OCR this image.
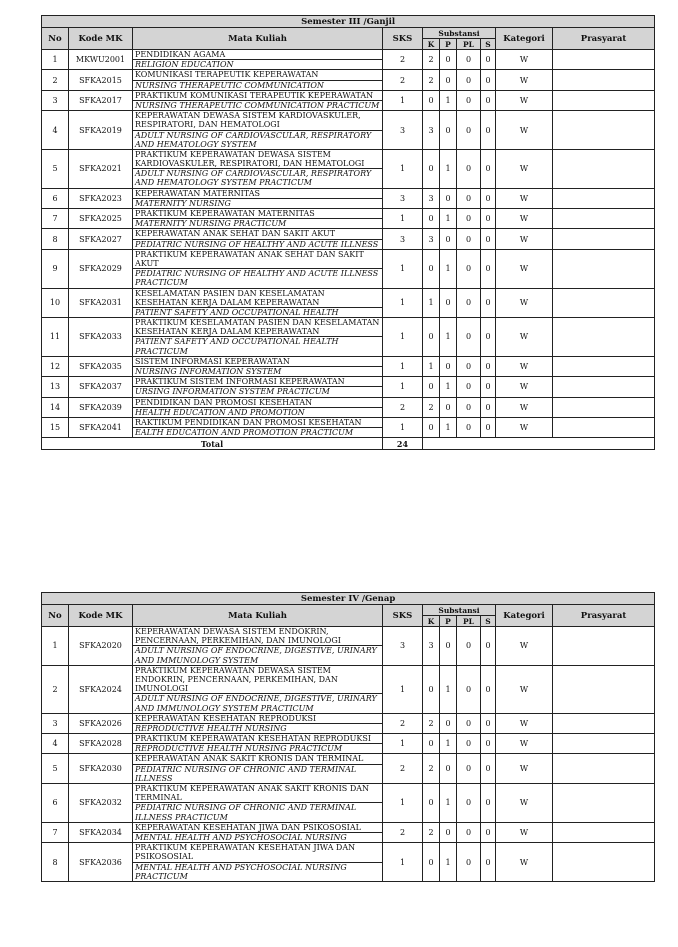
Semester III /Ganjil									
No	Kode MK	Mata Kuliah	SKS	Substansi				Kategori	Prasyarat
				K	P	PL	S		
1	MKWU2001	PENDIDIKAN AGAMA	2	2	0	0	0	W	
		RELIGION EDUCATION							
2	SFKA2015	KOMUNIKASI TERAPEUTIK KEPERAWATAN	2	2	0	0	0	W	
		NURSING THERAPEUTIC COMMUNICATION							
3	SFKA2017	PRAKTIKUM KOMUNIKASI TERAPEUTIK KEPERAWATAN	1	0	1	0	0	W	
		NURSING THERAPEUTIC COMMUNICATION PRACTICUM							
4	SFKA2019	KEPERAWATAN DEWASA SISTEM KARDIOVASKULER, RESPIRATORI, DAN HEMATOLOGI	3	3	0	0	0	W	
		ADULT NURSING OF CARDIOVASCULAR, RESPIRATORY AND HEMATOLOGY SYSTEM							
5	SFKA2021	PRAKTIKUM KEPERAWATAN DEWASA SISTEM KARDIOVASKULER, RESPIRATORI, DAN HEMATOLOGI	1	0	1	0	0	W	
		ADULT NURSING OF CARDIOVASCULAR, RESPIRATORY AND HEMATOLOGY SYSTEM PRACTICUM							
6	SFKA2023	KEPERAWATAN MATERNITAS	3	3	0	0	0	W	
		MATERNITY NURSING							
7	SFKA2025	PRAKTIKUM KEPERAWATAN MATERNITAS	1	0	1	0	0	W	
		MATERNITY NURSING PRACTICUM							
8	SFKA2027	KEPERAWATAN ANAK SEHAT DAN SAKIT AKUT	3	3	0	0	0	W	
		PEDIATRIC NURSING OF HEALTHY AND ACUTE ILLNESS							
9	SFKA2029	PRAKTIKUM KEPERAWATAN ANAK SEHAT DAN SAKIT AKUT	1	0	1	0	0	W	
		PEDIATRIC NURSING OF HEALTHY AND ACUTE ILLNESS PRACTICUM							
10	SFKA2031	KESELAMATAN PASIEN DAN KESELAMATAN KESEHATAN KERJA DALAM KEPERAWATAN	1	1	0	0	0	W	
		PATIENT SAFETY AND OCCUPATIONAL HEALTH							
11	SFKA2033	PRAKTIKUM KESELAMATAN PASIEN DAN KESELAMATAN KESEHATAN KERJA DALAM KEPERAWATAN	1	0	1	0	0	W	
		PATIENT SAFETY AND OCCUPATIONAL HEALTH PRACTICUM							
12	SFKA2035	SISTEM INFORMASI KEPERAWATAN	1	1	0	0	0	W	
		NURSING INFORMATION SYSTEM							
13	SFKA2037	PRAKTIKUM SISTEM INFORMASI KEPERAWATAN	1	0	1	0	0	W	
		URSING INFORMATION SYSTEM PRACTICUM							
14	SFKA2039	PENDIDIKAN DAN PROMOSI KESEHATAN	2	2	0	0	0	W	
		HEALTH EDUCATION AND PROMOTION							
15	SFKA2041	RAKTIKUM PENDIDIKAN DAN PROMOSI KESEHATAN	1	0	1	0	0	W	
		EALTH EDUCATION AND PROMOTION PRACTICUM							
Total			24						
Semester IV /Genap									
No	Kode MK	Mata Kuliah	SKS	Substansi				Kategori	Prasyarat
				K	P	PL	S		
1	SFKA2020	KEPERAWATAN DEWASA SISTEM ENDOKRIN, PENCERNAAN, PERKEMIHAN, DAN IMUNOLOGI	3	3	0	0	0	W	
		ADULT NURSING OF ENDOCRINE, DIGESTIVE, URINARY AND IMMUNOLOGY SYSTEM							
2	SFKA2024	PRAKTIKUM KEPERAWATAN DEWASA SISTEM ENDOKRIN, PENCERNAAN, PERKEMIHAN, DAN IMUNOLOGI	1	0	1	0	0	W	
		ADULT NURSING OF ENDOCRINE, DIGESTIVE, URINARY AND IMMUNOLOGY SYSTEM PRACTICUM							
3	SFKA2026	KEPERAWATAN KESEHATAN REPRODUKSI	2	2	0	0	0	W	
		REPRODUCTIVE HEALTH NURSING							
4	SFKA2028	PRAKTIKUM KEPERAWATAN KESEHATAN REPRODUKSI	1	0	1	0	0	W	
		REPRODUCTIVE HEALTH NURSING PRACTICUM							
5	SFKA2030	KEPERAWATAN ANAK SAKIT KRONIS DAN TERMINAL	2	2	0	0	0	W	
		PEDIATRIC NURSING OF CHRONIC AND TERMINAL ILLNESS							
6	SFKA2032	PRAKTIKUM KEPERAWATAN ANAK SAKIT KRONIS DAN TERMINAL	1	0	1	0	0	W	
		PEDIATRIC NURSING OF CHRONIC AND TERMINAL ILLNESS PRACTICUM							
7	SFKA2034	KEPERAWATAN KESEHATAN JIWA DAN PSIKOSOSIAL	2	2	0	0	0	W	
		MENTAL HEALTH AND PSYCHOSOCIAL NURSING							
8	SFKA2036	PRAKTIKUM KEPERAWATAN KESEHATAN JIWA DAN PSIKOSOSIAL	1	0	1	0	0	W	
		MENTAL HEALTH AND PSYCHOSOCIAL NURSING PRACTICUM							
